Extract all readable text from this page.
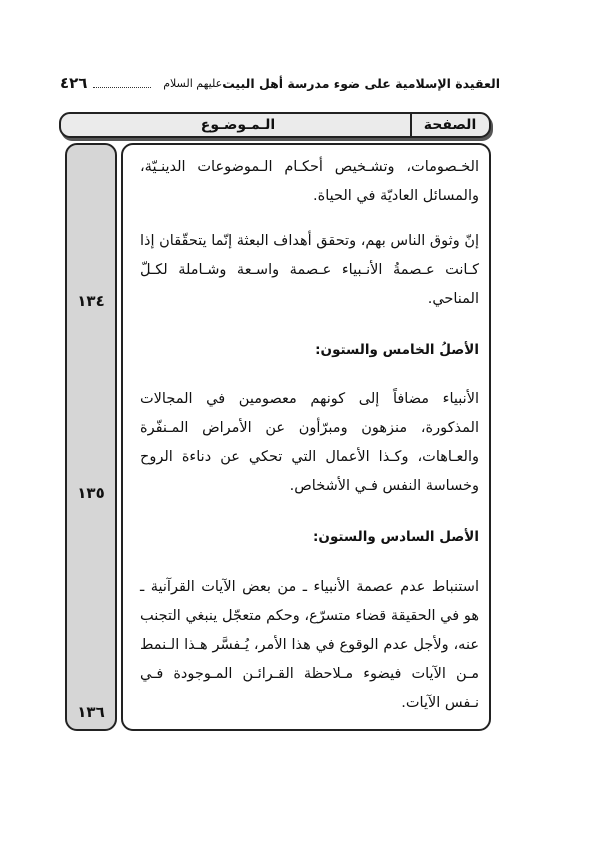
العقيدة الإسلامية على ضوء مدرسة أهل البيت
عليهم السلام
٤٢٦
الـمـوضـوع	الصفحة
١٣٤
١٣٥
١٣٦
الخـصومات، وتشـخيص أحكـام الـموضوعات الدينـيّة، والمسائل العاديّة في الحياة.
إنّ وثوق الناس بهم، وتحقق أهداف البعثة إنّما يتحقّقان إذا كـانت عـصمةُ الأنـبياء عـصمة واسـعة وشـاملة لكـلّ المناحي.
الأصلُ الخامس والستون:
الأنبياء مضافاً إلى كونهم معصومين في المجالات المذكورة، منزهون ومبرّأون عن الأمراض المـنفّرة والعـاهات، وكـذا الأعمال التي تحكي عن دناءة الروح وخساسة النفس فـي الأشخاص.
الأصل السادس والستون:
استنباط عدم عصمة الأنبياء ـ من بعض الآيات القرآنية ـ هو في الحقيقة قضاء متسرّع، وحكم متعجّل ينبغي التجنب عنه، ولأجل عدم الوقوع في هذا الأمر، يُـفسَّر هـذا الـنمط مـن الآيات فيضوء مـلاحظة القـرائـن المـوجودة فـي نـفس الآيات.
